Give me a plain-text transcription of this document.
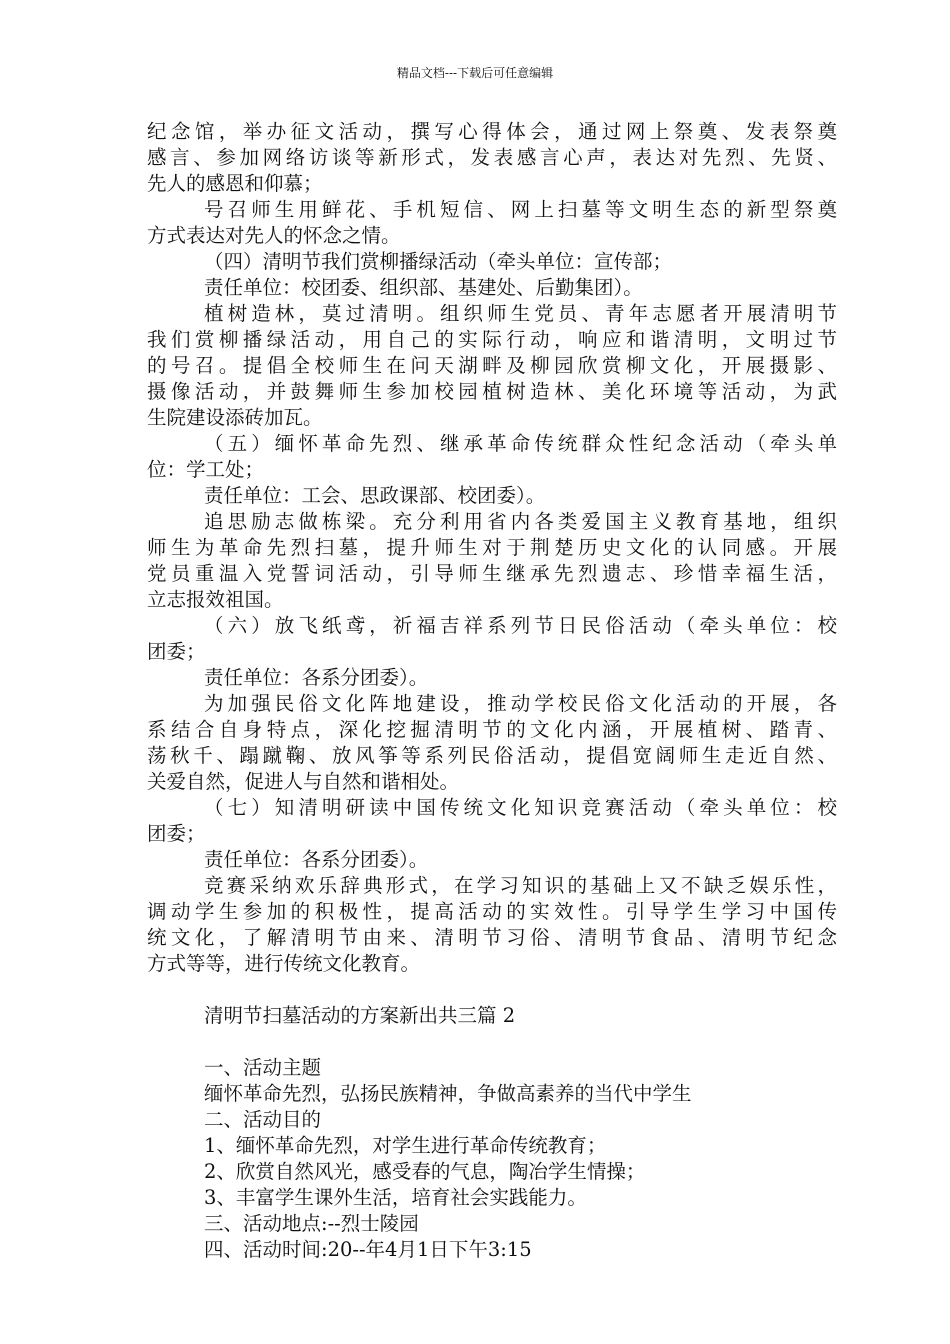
精品文档---下载后可任意编辑
纪念馆，举办征文活动，撰写心得体会，通过网上祭奠、发表祭奠
感言、参加网络访谈等新形式，发表感言心声，表达对先烈、先贤、
先人的感恩和仰慕；
号召师生用鲜花、手机短信、网上扫墓等文明生态的新型祭奠
方式表达对先人的怀念之情。
（四）清明节我们赏柳播绿活动（牵头单位：宣传部；
责任单位：校团委、组织部、基建处、后勤集团）。
植树造林，莫过清明。组织师生党员、青年志愿者开展清明节
我们赏柳播绿活动，用自己的实际行动，响应和谐清明，文明过节
的号召。提倡全校师生在问天湖畔及柳园欣赏柳文化，开展摄影、
摄像活动，并鼓舞师生参加校园植树造林、美化环境等活动，为武
生院建设添砖加瓦。
（五）缅怀革命先烈、继承革命传统群众性纪念活动（牵头单
位：学工处；
责任单位：工会、思政课部、校团委）。
追思励志做栋梁。充分利用省内各类爱国主义教育基地，组织
师生为革命先烈扫墓，提升师生对于荆楚历史文化的认同感。开展
党员重温入党誓词活动，引导师生继承先烈遗志、珍惜幸福生活，
立志报效祖国。
（六）放飞纸鸢，祈福吉祥系列节日民俗活动（牵头单位：校
团委；
责任单位：各系分团委）。
为加强民俗文化阵地建设，推动学校民俗文化活动的开展，各
系结合自身特点，深化挖掘清明节的文化内涵，开展植树、踏青、
荡秋千、蹋蹴鞠、放风筝等系列民俗活动，提倡宽阔师生走近自然、
关爱自然，促进人与自然和谐相处。
（七）知清明研读中国传统文化知识竞赛活动（牵头单位：校
团委；
责任单位：各系分团委）。
竞赛采纳欢乐辞典形式，在学习知识的基础上又不缺乏娱乐性，
调动学生参加的积极性，提高活动的实效性。引导学生学习中国传
统文化，了解清明节由来、清明节习俗、清明节食品、清明节纪念
方式等等，进行传统文化教育。
清明节扫墓活动的方案新出共三篇 2
一、活动主题
缅怀革命先烈，弘扬民族精神，争做高素养的当代中学生
二、活动目的
1、缅怀革命先烈，对学生进行革命传统教育；
2、欣赏自然风光，感受春的气息，陶冶学生情操；
3、丰富学生课外生活，培育社会实践能力。
三、活动地点:--烈士陵园
四、活动时间:20--年4月1日下午3:15
